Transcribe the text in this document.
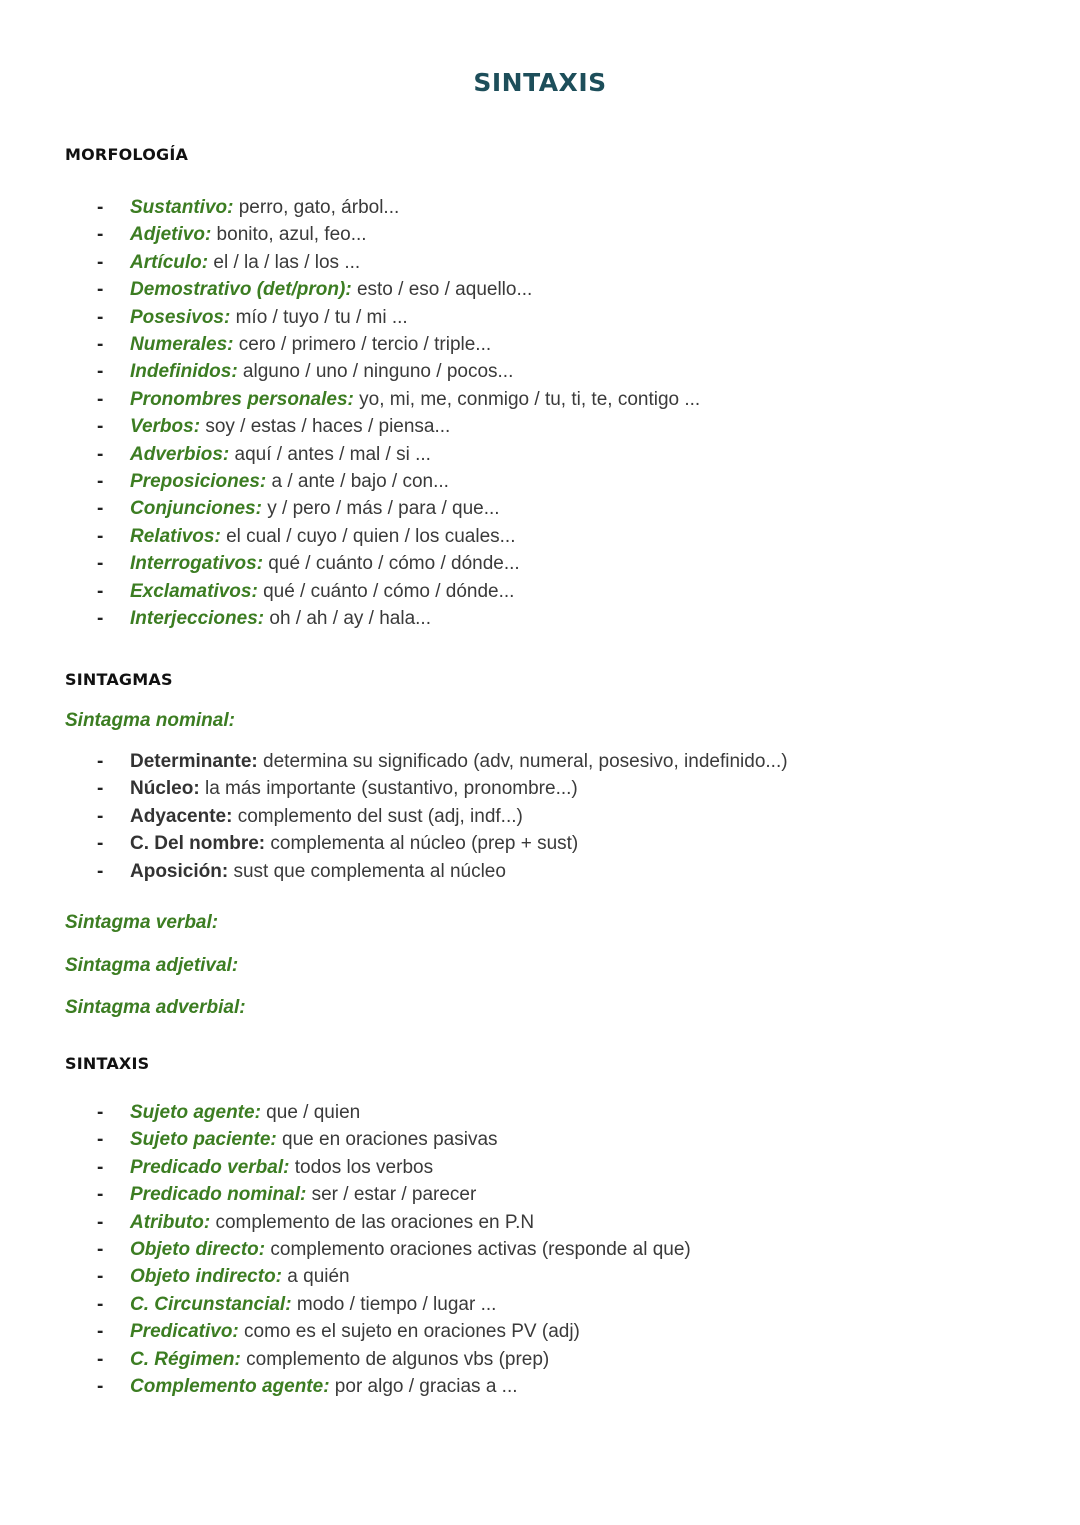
SINTAXIS
MORFOLOGÍA
- Sustantivo: perro, gato, árbol...
- Adjetivo: bonito, azul, feo...
- Artículo: el / la / las / los ...
- Demostrativo (det/pron): esto / eso / aquello...
- Posesivos: mío / tuyo / tu / mi ...
- Numerales: cero / primero / tercio / triple...
- Indefinidos: alguno / uno / ninguno / pocos...
- Pronombres personales: yo, mi, me, conmigo / tu, ti, te, contigo ...
- Verbos: soy / estas / haces / piensa...
- Adverbios: aquí / antes / mal / si ...
- Preposiciones: a / ante / bajo / con...
- Conjunciones: y / pero / más / para / que...
- Relativos: el cual / cuyo / quien / los cuales...
- Interrogativos: qué / cuánto / cómo / dónde...
- Exclamativos: qué / cuánto / cómo / dónde...
- Interjecciones: oh / ah / ay / hala...
SINTAGMAS
Sintagma nominal:
- Determinante: determina su significado (adv, numeral, posesivo, indefinido...)
- Núcleo: la más importante (sustantivo, pronombre...)
- Adyacente: complemento del sust (adj, indf...)
- C. Del nombre: complementa al núcleo (prep + sust)
- Aposición: sust que complementa al núcleo
Sintagma verbal:
Sintagma adjetival:
Sintagma adverbial:
SINTAXIS
- Sujeto agente: que / quien
- Sujeto paciente: que en oraciones pasivas
- Predicado verbal: todos los verbos
- Predicado nominal: ser / estar / parecer
- Atributo: complemento de las oraciones en P.N
- Objeto directo: complemento oraciones activas (responde al que)
- Objeto indirecto: a quién
- C. Circunstancial: modo / tiempo / lugar ...
- Predicativo: como es el sujeto en oraciones PV (adj)
- C. Régimen: complemento de algunos vbs (prep)
- Complemento agente: por algo / gracias a ...
